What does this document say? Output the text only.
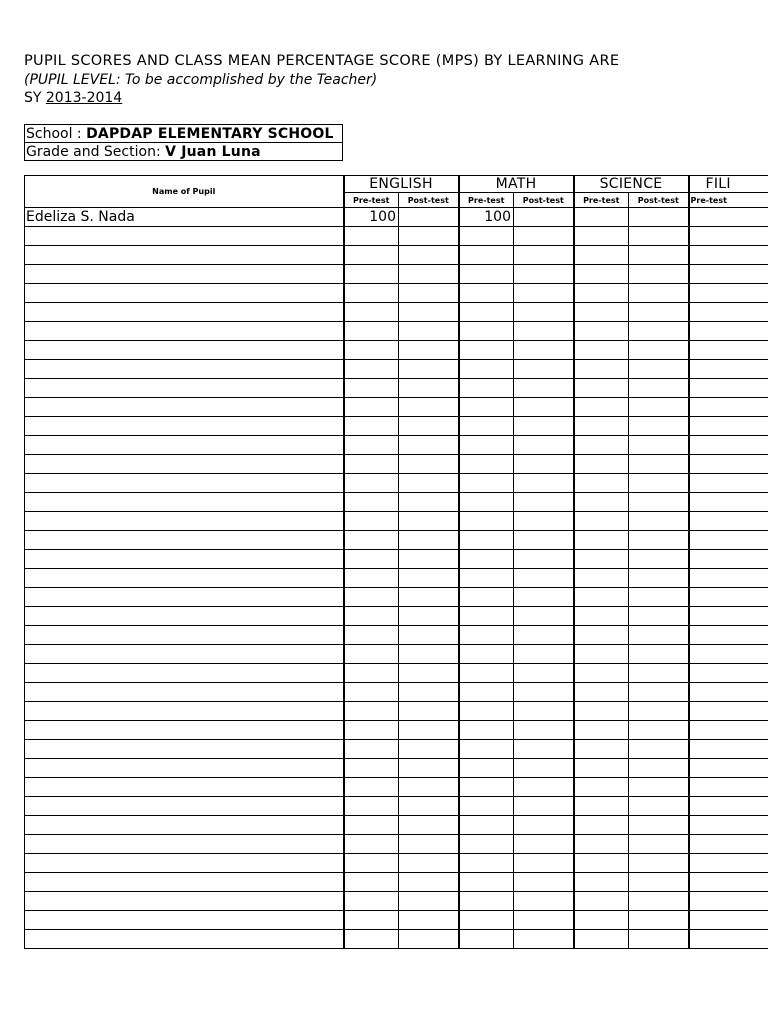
PUPIL SCORES AND CLASS MEAN PERCENTAGE SCORE (MPS) BY LEARNING ARE
(PUPIL LEVEL: To be accomplished by the Teacher)
SY 2013-2014
School : DAPDAP ELEMENTARY SCHOOL
Grade and Section: V Juan Luna
Name of Pupil	ENGLISH		MATH		SCIENCE		FILI
	Pre-test	Post-test	Pre-test	Post-test	Pre-test	Post-test	Pre-test
Edeliza S. Nada	100		100				
